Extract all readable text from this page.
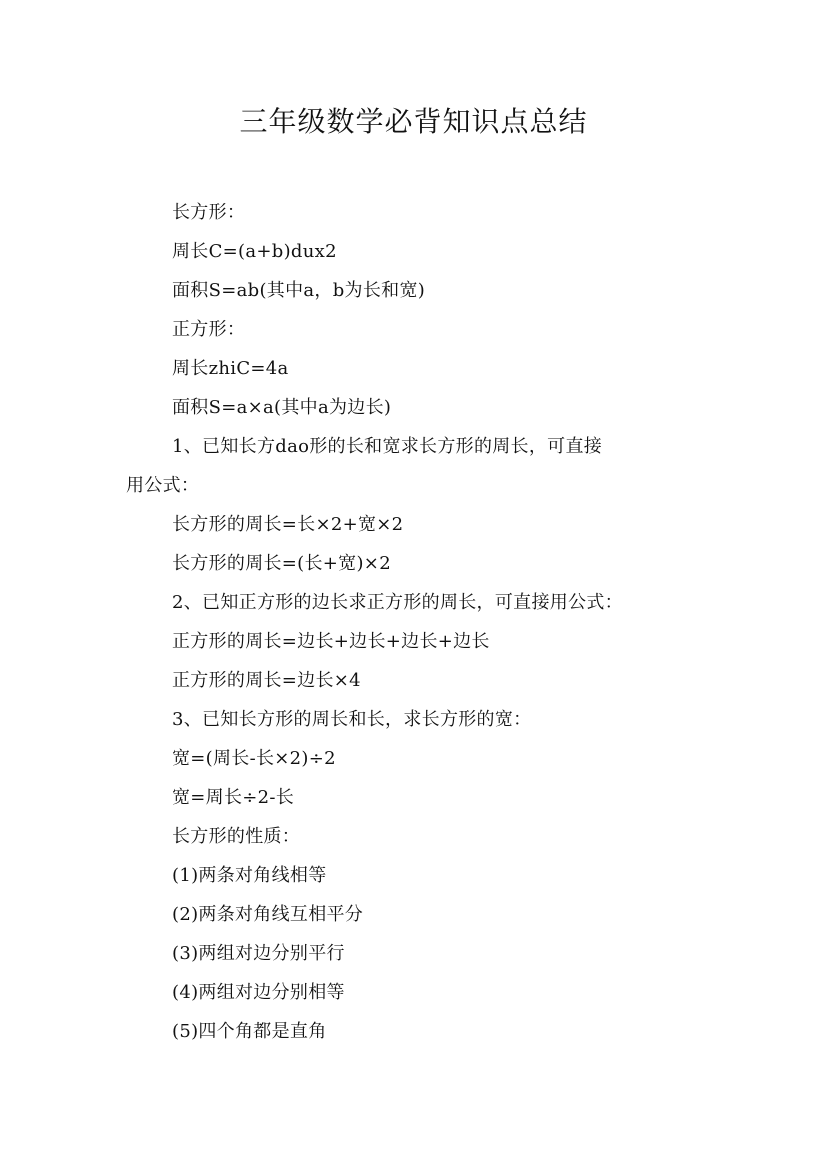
三年级数学必背知识点总结
长方形：
周长C=(a+b)dux2
面积S=ab(其中a，b为长和宽)
正方形：
周长zhiC=4a
面积S=a×a(其中a为边长)
1、已知长方dao形的长和宽求长方形的周长，可直接
用公式：
长方形的周长=长×2+宽×2
长方形的周长=(长+宽)×2
2、已知正方形的边长求正方形的周长，可直接用公式：
正方形的周长=边长+边长+边长+边长
正方形的周长=边长×4
3、已知长方形的周长和长，求长方形的宽：
宽=(周长-长×2)÷2
宽=周长÷2-长
长方形的性质：
(1)两条对角线相等
(2)两条对角线互相平分
(3)两组对边分别平行
(4)两组对边分别相等
(5)四个角都是直角
